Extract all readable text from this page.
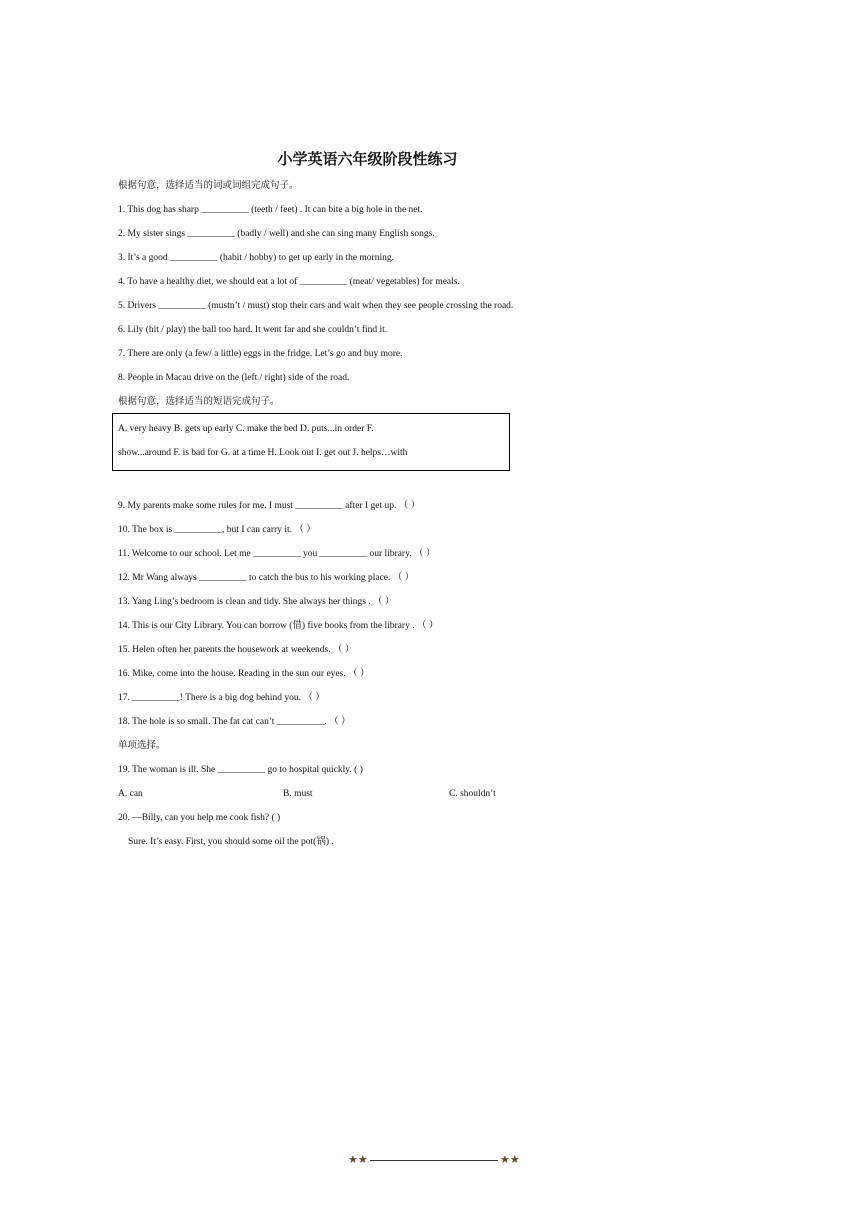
小学英语六年级阶段性练习
根据句意，选择适当的词或词组完成句子。
1. This dog has sharp __________ (teeth / feet) . It can bite a big hole in the net.
2. My sister sings __________ (badly / well) and she can sing many English songs.
3. It’s a good __________ (habit / hobby) to get up early in the morning.
4. To have a healthy diet, we should eat a lot of __________ (meat/ vegetables) for meals.
5. Drivers __________ (mustn’t / must) stop their cars and wait when they see people crossing the road.
6. Lily (hit / play) the ball too hard. It went far and she couldn’t find it.
7. There are only (a few/ a little) eggs in the fridge. Let’s go and buy more.
8. People in Macau drive on the (left / right) side of the road.
根据句意，选择适当的短语完成句子。
A. very heavy B. gets up early C. make the bed D. puts...in order F.
show...around F. is bad for G. at a time H. Look out I. get out J. helps…with
9. My parents make some rules for me. I must __________ after I get up. （ ）
10. The box is __________, but I can carry it. （ ）
11. Welcome to our school. Let me __________ you __________ our library. （ ）
12. Mr Wang always __________ to catch the bus to his working place. （ ）
13. Yang Ling’s bedroom is clean and tidy. She always her things . （ ）
14. This is our City Library. You can borrow (借) five books from the library . （ ）
15. Helen often her parents the housework at weekends. （ ）
16. Mike, come into the house. Reading in the sun our eyes. （ ）
17. __________! There is a big dog behind you. （ ）
18. The hole is so small. The fat cat can’t __________. （ ）
单项选择。
19. The woman is ill. She __________ go to hospital quickly. ( )
A. can	B. must	C. shouldn’t
20. —Billy, can you help me cook fish? ( )
Sure. It’s easy. First, you should some oil the pot(锅) .
★★	★★
